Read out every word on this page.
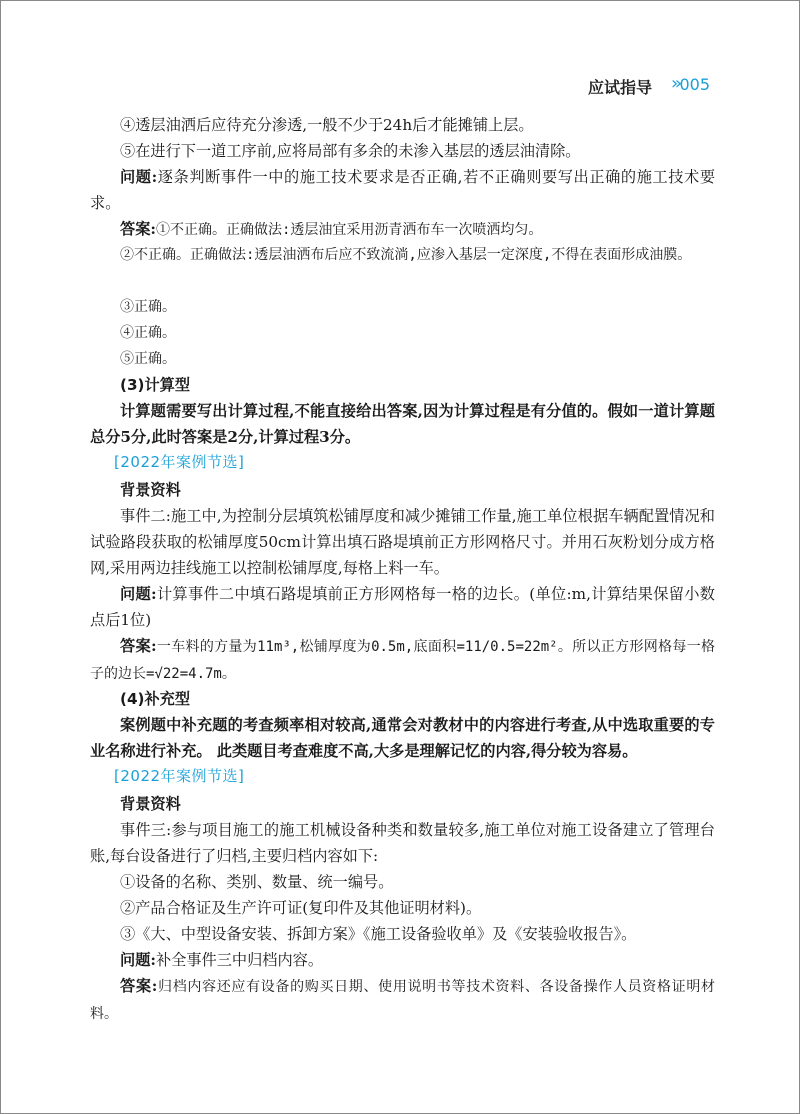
应试指导 » 005

④透层油洒后应待充分渗透,一般不少于24h后才能摊铺上层。

⑤在进行下一道工序前,应将局部有多余的未渗入基层的透层油清除。

问题:逐条判断事件一中的施工技术要求是否正确,若不正确则要写出正确的施工技术要求。

答案:①不正确。正确做法:透层油宜采用沥青洒布车一次喷洒均匀。

②不正确。正确做法:透层油洒布后应不致流淌,应渗入基层一定深度,不得在表面形成油膜。

③正确。

④正确。

⑤正确。

(3)计算型

计算题需要写出计算过程,不能直接给出答案,因为计算过程是有分值的。假如一道计算题总分5分,此时答案是2分,计算过程3分。

[2022年案例节选]

背景资料

事件二:施工中,为控制分层填筑松铺厚度和减少摊铺工作量,施工单位根据车辆配置情况和试验路段获取的松铺厚度50cm计算出填石路堤填前正方形网格尺寸。并用石灰粉划分成方格网,采用两边挂线施工以控制松铺厚度,每格上料一车。

问题:计算事件二中填石路堤填前正方形网格每一格的边长。(单位:m,计算结果保留小数点后1位)

答案:一车料的方量为11m³,松铺厚度为0.5m,底面积=11/0.5=22m²。所以正方形网格每一格子的边长=√22=4.7m。

(4)补充型

案例题中补充题的考查频率相对较高,通常会对教材中的内容进行考查,从中选取重要的专业名称进行补充。 此类题目考查难度不高,大多是理解记忆的内容,得分较为容易。

[2022年案例节选]

背景资料

事件三:参与项目施工的施工机械设备种类和数量较多,施工单位对施工设备建立了管理台账,每台设备进行了归档,主要归档内容如下:

①设备的名称、类别、数量、统一编号。

②产品合格证及生产许可证(复印件及其他证明材料)。

③《大、中型设备安装、拆卸方案》《施工设备验收单》及《安装验收报告》。

问题:补全事件三中归档内容。

答案:归档内容还应有设备的购买日期、使用说明书等技术资料、各设备操作人员资格证明材料。
